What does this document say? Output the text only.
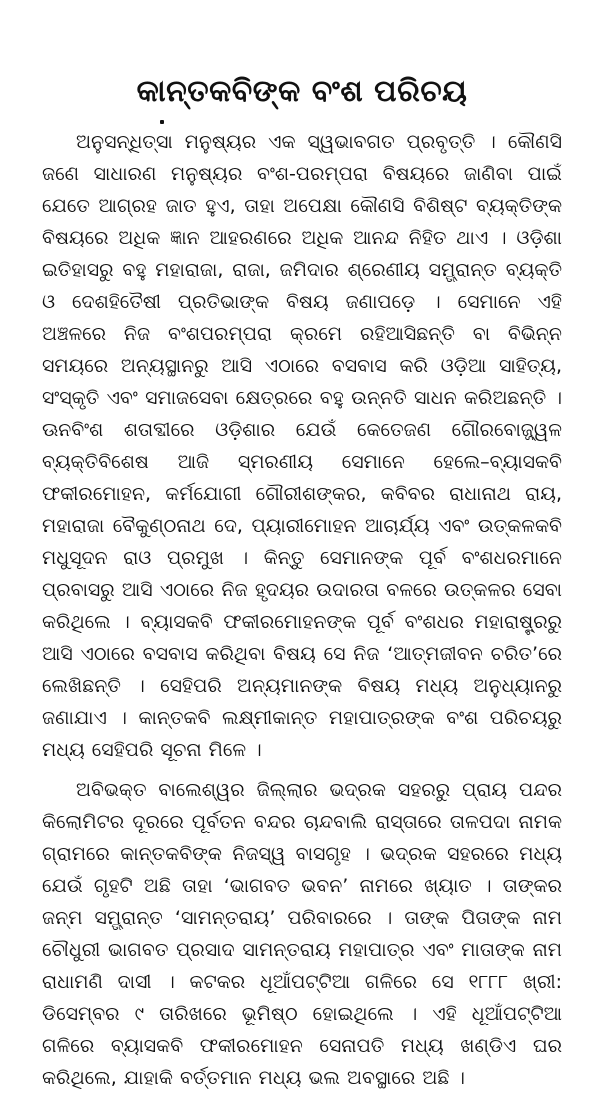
କାନ୍ତକବିଙ୍କ ବଂଶ ପରିଚୟ

ଅନୁସନ୍ଧିତ୍ସା ମନୁଷ୍ୟର ଏକ ସ୍ୱଭାବଗତ ପ୍ରବୃତ୍ତି । କୌଣସି ଜଣେ ସାଧାରଣ ମନୁଷ୍ୟର ବଂଶ-ପରମ୍ପରା ବିଷୟରେ ଜାଣିବା ପାଇଁ ଯେତେ ଆଗ୍ରହ ଜାତ ହୁଏ, ତାହା ଅପେକ୍ଷା କୌଣସି ବିଶିଷ୍ଟ ବ୍ୟକ୍ତିଙ୍କ ବିଷୟରେ ଅଧିକ ଜ୍ଞାନ ଆହରଣରେ ଅଧିକ ଆନନ୍ଦ ନିହିତ ଥାଏ । ଓଡ଼ିଶା ଇତିହାସରୁ ବହୁ ମହାରାଜା, ରାଜା, ଜମିଦାର ଶ୍ରେଣୀୟ ସମ୍ଭ୍ରାନ୍ତ ବ୍ୟକ୍ତି ଓ ଦେଶହିତୈଷୀ ପ୍ରତିଭାଙ୍କ ବିଷୟ ଜଣାପଡ଼େ । ସେମାନେ ଏହି ଅଞ୍ଚଳରେ ନିଜ ବଂଶପରମ୍ପରା କ୍ରମେ ରହିଆସିଛନ୍ତି ବା ବିଭିନ୍ନ ସମୟରେ ଅନ୍ୟସ୍ଥାନରୁ ଆସି ଏଠାରେ ବସବାସ କରି ଓଡ଼ିଆ ସାହିତ୍ୟ, ସଂସ୍କୃତି ଏବଂ ସମାଜସେବା କ୍ଷେତ୍ରରେ ବହୁ ଉନ୍ନତି ସାଧନ କରିଅଛନ୍ତି । ଊନବିଂଶ ଶତାବ୍ଦୀରେ ଓଡ଼ିଶାର ଯେଉଁ କେତେଜଣ ଗୌରବୋଜ୍ଜ୍ୱଳ ବ୍ୟକ୍ତିବିଶେଷ ଆଜି ସ୍ମରଣୀୟ ସେମାନେ ହେଲେ–ବ୍ୟାସକବି ଫକୀରମୋହନ, କର୍ମଯୋଗୀ ଗୌରୀଶଙ୍କର, କବିବର ରାଧାନାଥ ରାୟ, ମହାରାଜା ବୈକୁଣ୍ଠନାଥ ଦେ, ପ୍ୟାରୀମୋହନ ଆଚାର୍ଯ୍ୟ ଏବଂ ଉତ୍କଳକବି ମଧୁସୂଦନ ରାଓ ପ୍ରମୁଖ । କିନ୍ତୁ ସେମାନଙ୍କ ପୂର୍ବ ବଂଶଧରମାନେ ପ୍ରବାସରୁ ଆସି ଏଠାରେ ନିଜ ହୃଦୟର ଉଦାରତା ବଳରେ ଉତ୍କଳର ସେବା କରିଥିଲେ । ବ୍ୟାସକବି ଫକୀରମୋହନଙ୍କ ପୂର୍ବ ବଂଶଧର ମହାରାଷ୍ଟ୍ରରୁ ଆସି ଏଠାରେ ବସବାସ କରିଥିବା ବିଷୟ ସେ ନିଜ ‘ଆତ୍ମଜୀବନ ଚରିତ’ରେ ଲେଖିଛନ୍ତି । ସେହିପରି ଅନ୍ୟମାନଙ୍କ ବିଷୟ ମଧ୍ୟ ଅନୁଧ୍ୟାନରୁ ଜଣାଯାଏ । କାନ୍ତକବି ଲକ୍ଷ୍ମୀକାନ୍ତ ମହାପାତ୍ରଙ୍କ ବଂଶ ପରିଚୟରୁ ମଧ୍ୟ ସେହିପରି ସୂଚନା ମିଳେ ।

ଅବିଭକ୍ତ ବାଲେଶ୍ୱର ଜିଲ୍ଲାର ଭଦ୍ରକ ସହରରୁ ପ୍ରାୟ ପନ୍ଦର କିଲୋମିଟର ଦୂରରେ ପୂର୍ବତନ ବନ୍ଦର ଚାନ୍ଦବାଲି ରାସ୍ତାରେ ତାଳପଦା ନାମକ ଗ୍ରାମରେ କାନ୍ତକବିଙ୍କ ନିଜସ୍ୱ ବାସଗୃହ । ଭଦ୍ରକ ସହରରେ ମଧ୍ୟ ଯେଉଁ ଗୃହଟି ଅଛି ତାହା ‘ଭାଗବତ ଭବନ’ ନାମରେ ଖ୍ୟାତ । ତାଙ୍କର ଜନ୍ମ ସମ୍ଭ୍ରାନ୍ତ ‘ସାମନ୍ତରାୟ’ ପରିବାରରେ । ତାଙ୍କ ପିତାଙ୍କ ନାମ ଚୌଧୁରୀ ଭାଗବତ ପ୍ରସାଦ ସାମନ୍ତରାୟ ମହାପାତ୍ର ଏବଂ ମାତାଙ୍କ ନାମ ରାଧାମଣି ଦାସୀ । କଟକର ଧୂଆଁପଟ୍ଟିଆ ଗଳିରେ ସେ ୧୮୮୮ ଖ୍ରୀ: ଡିସେମ୍ବର ୯ ତାରିଖରେ ଭୂମିଷ୍ଠ ହୋଇଥିଲେ । ଏହି ଧୂଆଁପଟ୍ଟିଆ ଗଳିରେ ବ୍ୟାସକବି ଫକୀରମୋହନ ସେନାପତି ମଧ୍ୟ ଖଣ୍ଡିଏ ଘର କରିଥିଲେ, ଯାହାକି ବର୍ତ୍ତମାନ ମଧ୍ୟ ଭଲ ଅବସ୍ଥାରେ ଅଛି ।
